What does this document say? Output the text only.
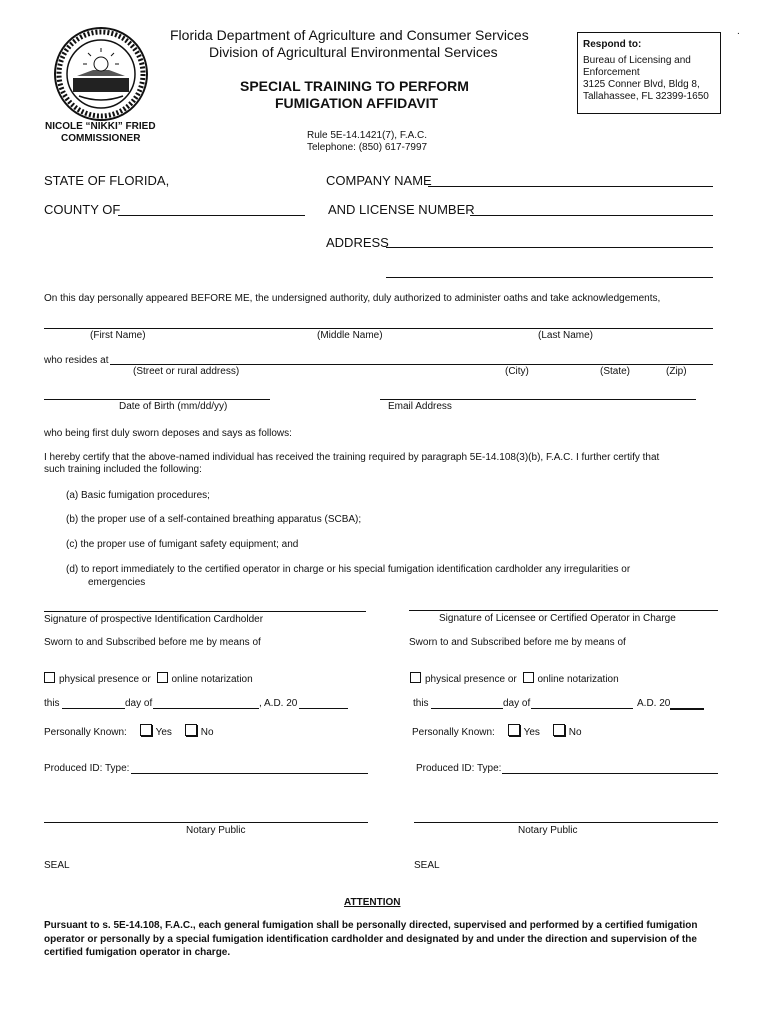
Florida Department of Agriculture and Consumer Services
Division of Agricultural Environmental Services
SPECIAL TRAINING TO PERFORM
FUMIGATION AFFIDAVIT
NICOLE “NIKKI” FRIED
COMMISSIONER	Rule 5E-14.1421(7), F.A.C.
Telephone: (850) 617-7997
.
Respond to:
Bureau of Licensing and
Enforcement
3125 Conner Blvd, Bldg 8,
Tallahassee, FL 32399-1650
STATE OF FLORIDA,	COMPANY NAME
COUNTY OF	AND LICENSE NUMBER
ADDRESS
On this day personally appeared BEFORE ME, the undersigned authority, duly authorized to administer oaths and take acknowledgements,
(First Name)	(Middle Name)	(Last Name)
who resides at
(Street or rural address)	(City)	(State)	(Zip)
Date of Birth (mm/dd/yy)	Email Address
who being first duly sworn deposes and says as follows:
I hereby certify that the above-named individual has received the training required by paragraph 5E-14.108(3)(b), F.A.C. I further certify that
such training included the following:
(a) Basic fumigation procedures;
(b) the proper use of a self-contained breathing apparatus (SCBA);
(c) the proper use of fumigant safety equipment; and
(d) to report immediately to the certified operator in charge or his special fumigation identification cardholder any irregularities or
emergencies
Signature of prospective Identification Cardholder
Sworn to and Subscribed before me by means of
physical presence or online notarization
this	day of	, A.D. 20
Personally Known:	Yes	No
Produced ID: Type:
Notary Public
SEAL
Signature of Licensee or Certified Operator in Charge
Sworn to and Subscribed before me by means of
physical presence or online notarization
this	day of	A.D. 20
Personally Known:	Yes	No
Produced ID: Type:
Notary Public
SEAL
ATTENTION
Pursuant to s. 5E-14.108, F.A.C., each general fumigation shall be personally directed, supervised and performed by a certified fumigation
operator or personally by a special fumigation identification cardholder and designated by and under the direction and supervision of the
certified fumigation operator in charge.
